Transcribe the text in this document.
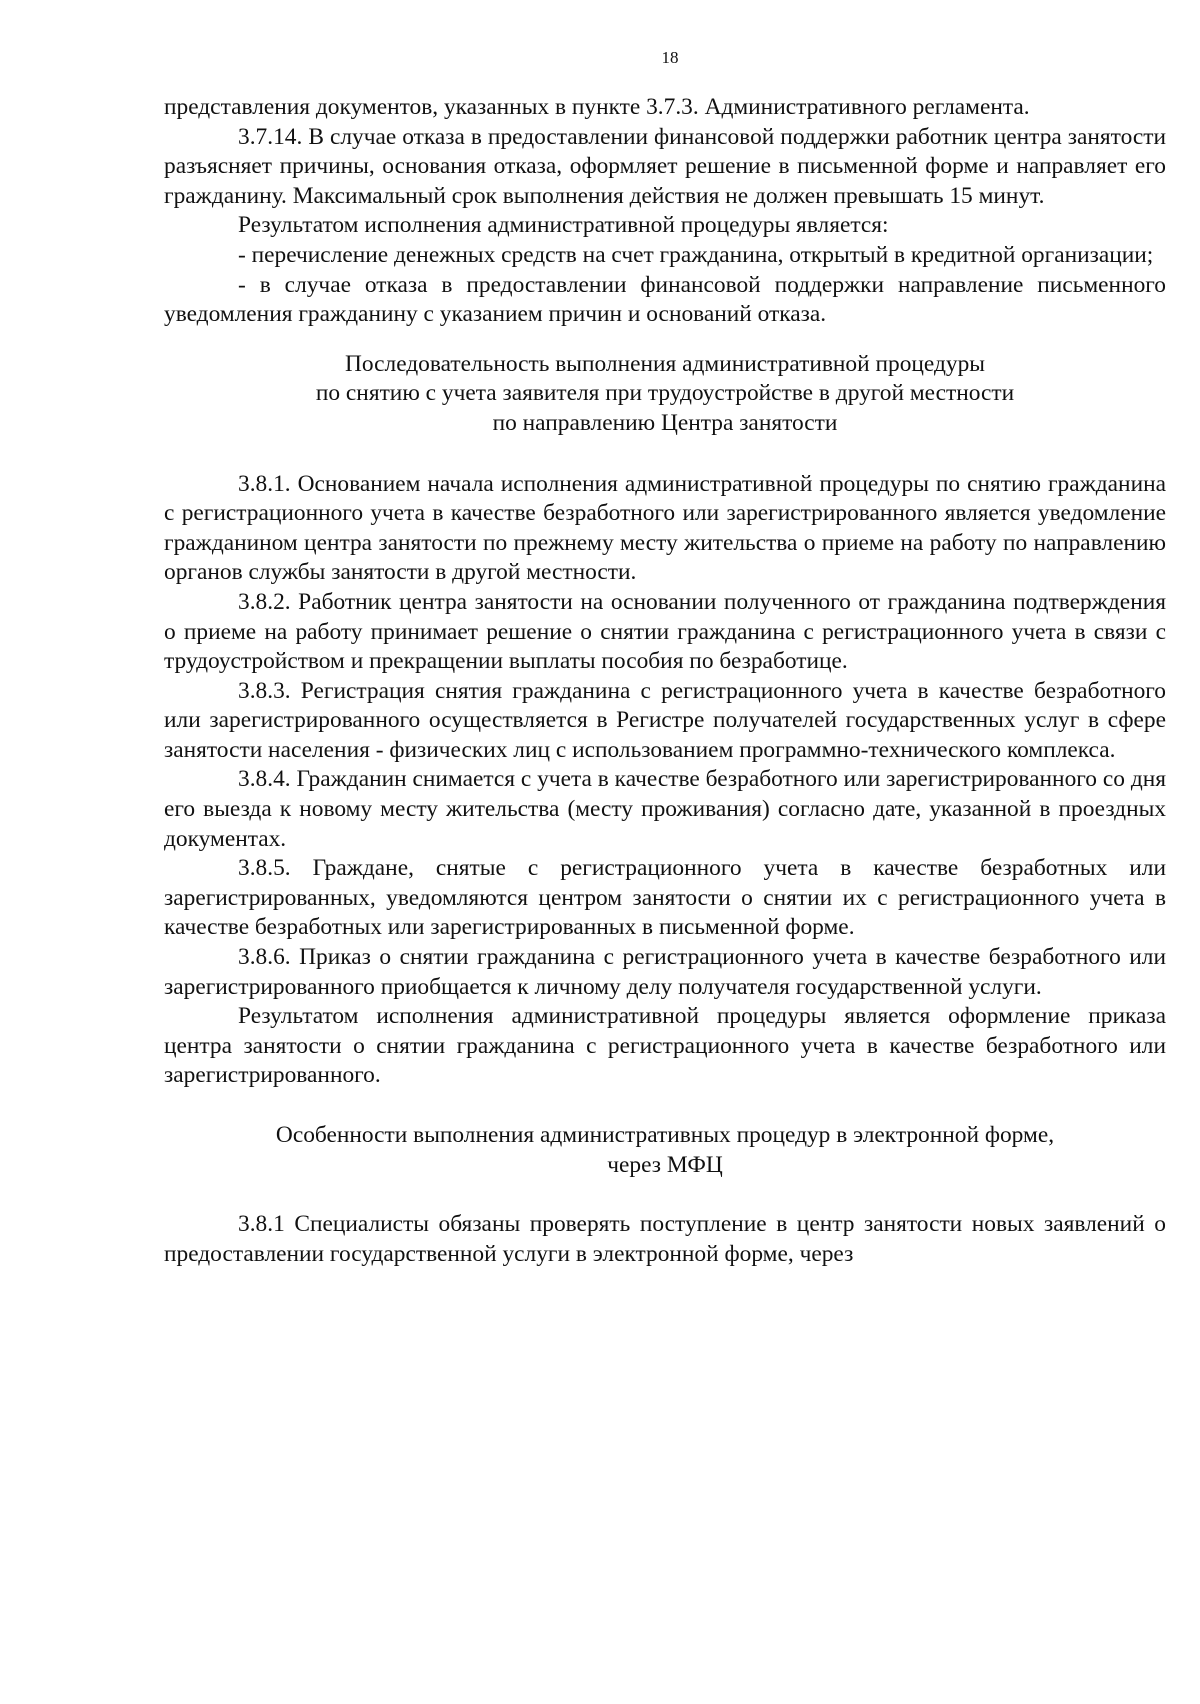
18

представления документов, указанных в пункте 3.7.3. Административного регламента.

3.7.14. В случае отказа в предоставлении финансовой поддержки работник центра занятости разъясняет причины, основания отказа, оформляет решение в письменной форме и направляет его гражданину. Максимальный срок выполнения действия не должен превышать 15 минут.

Результатом исполнения административной процедуры является:

- перечисление денежных средств на счет гражданина, открытый в кредитной организации;

- в случае отказа в предоставлении финансовой поддержки направление письменного уведомления гражданину с указанием причин и оснований отказа.

Последовательность выполнения административной процедуры
по снятию с учета заявителя при трудоустройстве в другой местности
по направлению Центра занятости

3.8.1. Основанием начала исполнения административной процедуры по снятию гражданина с регистрационного учета в качестве безработного или зарегистрированного является уведомление гражданином центра занятости по прежнему месту жительства о приеме на работу по направлению органов службы занятости в другой местности.

3.8.2. Работник центра занятости на основании полученного от гражданина подтверждения о приеме на работу принимает решение о снятии гражданина с регистрационного учета в связи с трудоустройством и прекращении выплаты пособия по безработице.

3.8.3. Регистрация снятия гражданина с регистрационного учета в качестве безработного или зарегистрированного осуществляется в Регистре получателей государственных услуг в сфере занятости населения - физических лиц с использованием программно-технического комплекса.

3.8.4. Гражданин снимается с учета в качестве безработного или зарегистрированного со дня его выезда к новому месту жительства (месту проживания) согласно дате, указанной в проездных документах.

3.8.5. Граждане, снятые с регистрационного учета в качестве безработных или зарегистрированных, уведомляются центром занятости о снятии их с регистрационного учета в качестве безработных или зарегистрированных в письменной форме.

3.8.6. Приказ о снятии гражданина с регистрационного учета в качестве безработного или зарегистрированного приобщается к личному делу получателя государственной услуги.

Результатом исполнения административной процедуры является оформление приказа центра занятости о снятии гражданина с регистрационного учета в качестве безработного или зарегистрированного.

Особенности выполнения административных процедур в электронной форме,
через МФЦ

3.8.1 Специалисты обязаны проверять поступление в центр занятости новых заявлений о предоставлении государственной услуги в электронной форме, через
